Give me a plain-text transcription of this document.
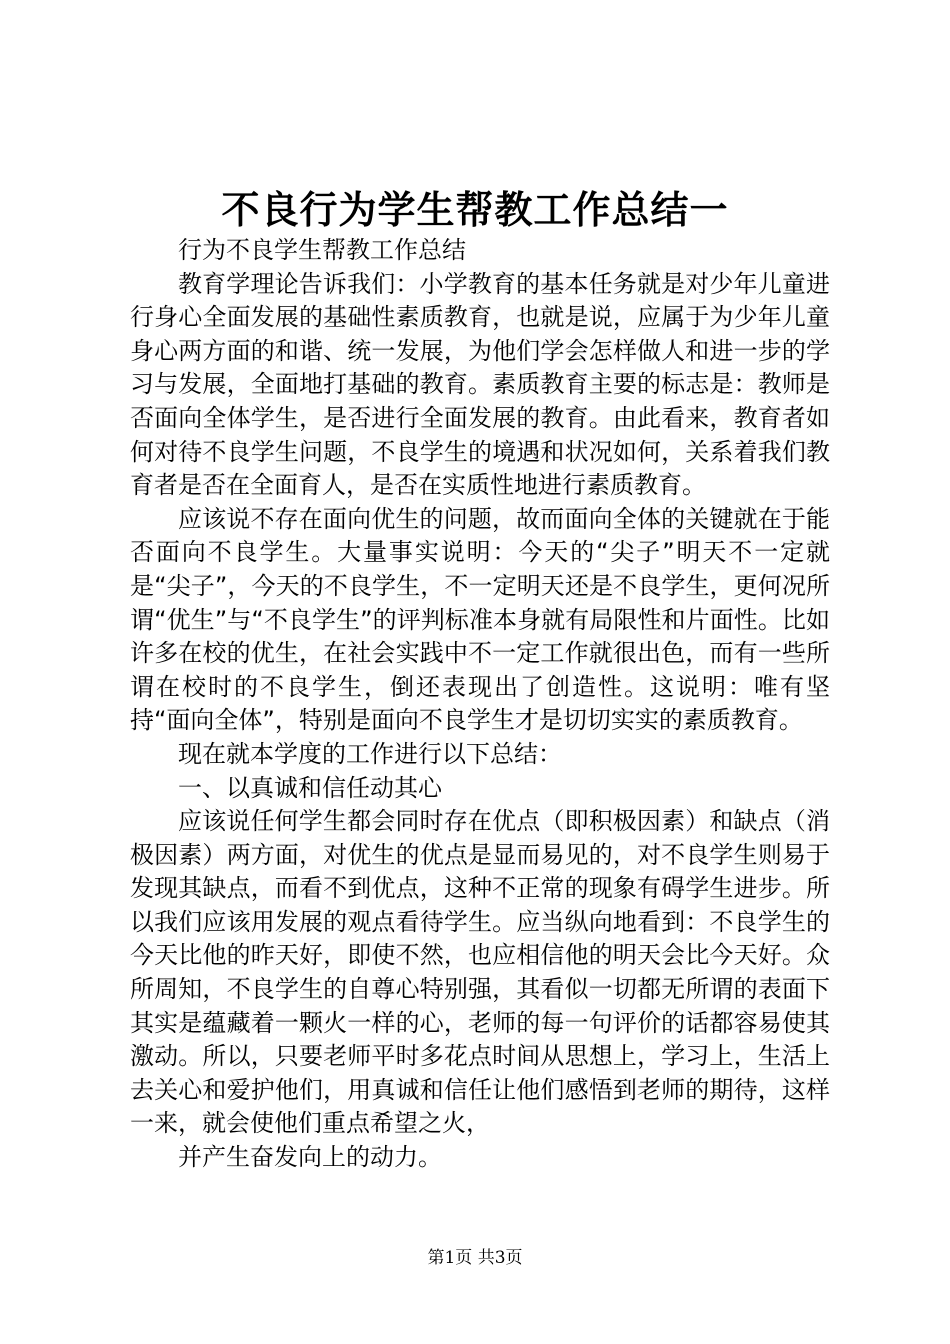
不良行为学生帮教工作总结一

行为不良学生帮教工作总结

教育学理论告诉我们：小学教育的基本任务就是对少年儿童进行身心全面发展的基础性素质教育，也就是说，应属于为少年儿童身心两方面的和谐、统一发展，为他们学会怎样做人和进一步的学习与发展，全面地打基础的教育。素质教育主要的标志是：教师是否面向全体学生，是否进行全面发展的教育。由此看来，教育者如何对待不良学生问题，不良学生的境遇和状况如何，关系着我们教育者是否在全面育人，是否在实质性地进行素质教育。

应该说不存在面向优生的问题，故而面向全体的关键就在于能否面向不良学生。大量事实说明：今天的“尖子”明天不一定就是“尖子”，今天的不良学生，不一定明天还是不良学生，更何况所谓“优生”与“不良学生”的评判标准本身就有局限性和片面性。比如许多在校的优生，在社会实践中不一定工作就很出色，而有一些所谓在校时的不良学生，倒还表现出了创造性。这说明：唯有坚持“面向全体”，特别是面向不良学生才是切切实实的素质教育。

现在就本学度的工作进行以下总结：

一、以真诚和信任动其心

应该说任何学生都会同时存在优点（即积极因素）和缺点（消极因素）两方面，对优生的优点是显而易见的，对不良学生则易于发现其缺点，而看不到优点，这种不正常的现象有碍学生进步。所以我们应该用发展的观点看待学生。应当纵向地看到：不良学生的今天比他的昨天好，即使不然，也应相信他的明天会比今天好。众所周知，不良学生的自尊心特别强，其看似一切都无所谓的表面下其实是蕴藏着一颗火一样的心，老师的每一句评价的话都容易使其激动。所以，只要老师平时多花点时间从思想上，学习上，生活上去关心和爱护他们，用真诚和信任让他们感悟到老师的期待，这样一来，就会使他们重点希望之火，

并产生奋发向上的动力。

第1页 共3页
